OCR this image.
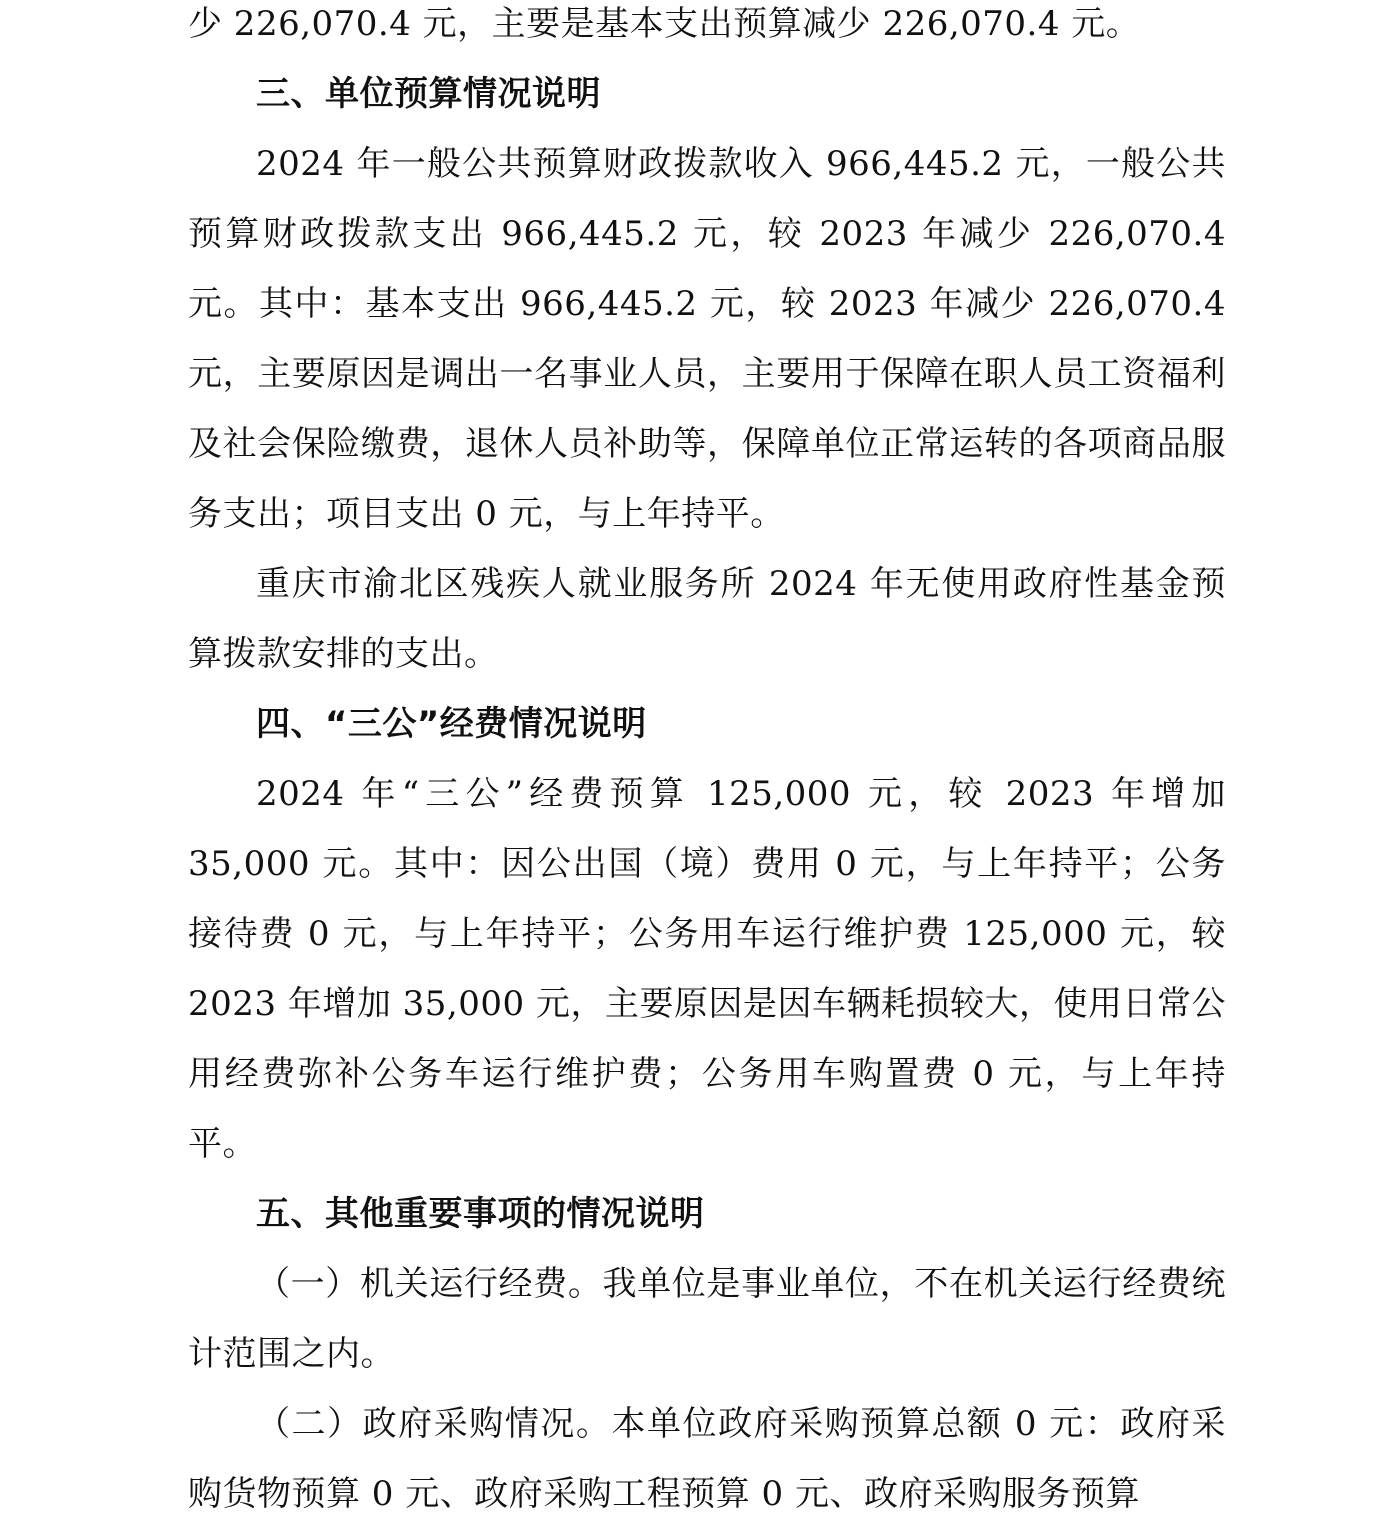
少 226,070.4 元，主要是基本支出预算减少 226,070.4 元。

三、单位预算情况说明

2024 年一般公共预算财政拨款收入 966,445.2 元，一般公共预算财政拨款支出 966,445.2 元，较 2023 年减少 226,070.4 元。其中：基本支出 966,445.2 元，较 2023 年减少 226,070.4 元，主要原因是调出一名事业人员，主要用于保障在职人员工资福利及社会保险缴费，退休人员补助等，保障单位正常运转的各项商品服务支出；项目支出 0 元，与上年持平。

重庆市渝北区残疾人就业服务所 2024 年无使用政府性基金预算拨款安排的支出。

四、“三公”经费情况说明

2024 年“三公”经费预算 125,000 元，较 2023 年增加 35,000 元。其中：因公出国（境）费用 0 元，与上年持平；公务接待费 0 元，与上年持平；公务用车运行维护费 125,000 元，较 2023 年增加 35,000 元，主要原因是因车辆耗损较大，使用日常公用经费弥补公务车运行维护费；公务用车购置费 0 元，与上年持平。

五、其他重要事项的情况说明

（一）机关运行经费。我单位是事业单位，不在机关运行经费统计范围之内。

（二）政府采购情况。本单位政府采购预算总额 0 元：政府采购货物预算 0 元、政府采购工程预算 0 元、政府采购服务预算
